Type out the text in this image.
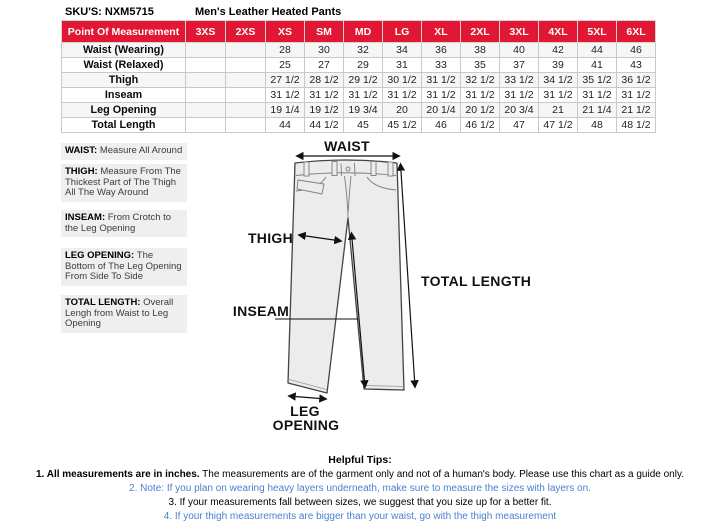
SKU'S: NXM5715	Men's Leather Heated Pants
Point Of Measurement	3XS	2XS	XS	SM	MD	LG	XL	2XL	3XL	4XL	5XL	6XL
Waist (Wearing)			28	30	32	34	36	38	40	42	44	46
Waist (Relaxed)			25	27	29	31	33	35	37	39	41	43
Thigh			27 1/2	28 1/2	29 1/2	30 1/2	31 1/2	32 1/2	33 1/2	34 1/2	35 1/2	36 1/2
Inseam			31 1/2	31 1/2	31 1/2	31 1/2	31 1/2	31 1/2	31 1/2	31 1/2	31 1/2	31 1/2
Leg Opening			19 1/4	19 1/2	19 3/4	20	20 1/4	20 1/2	20 3/4	21	21 1/4	21 1/2
Total Length			44	44 1/2	45	45 1/2	46	46 1/2	47	47 1/2	48	48 1/2
WAIST: Measure All Around
THIGH: Measure From The Thickest Part of The Thigh All The Way Around
INSEAM: From Crotch to the Leg Opening
LEG OPENING: The Bottom of The Leg Opening From Side To Side
TOTAL LENGTH: Overall Lengh from Waist to Leg Opening
WAIST
THIGH
TOTAL LENGTH
INSEAM
LEG
OPENING
Helpful Tips:
1. All measurements are in inches. The measurements are of the garment only and not of a human's body. Please use this chart as a guide only.
2. Note: If you plan on wearing heavy layers underneath, make sure to measure the sizes with layers on.
3. If your measurements fall between sizes, we suggest that you size up for a better fit.
4. If your thigh measurements are bigger than your waist, go with the thigh measurement
